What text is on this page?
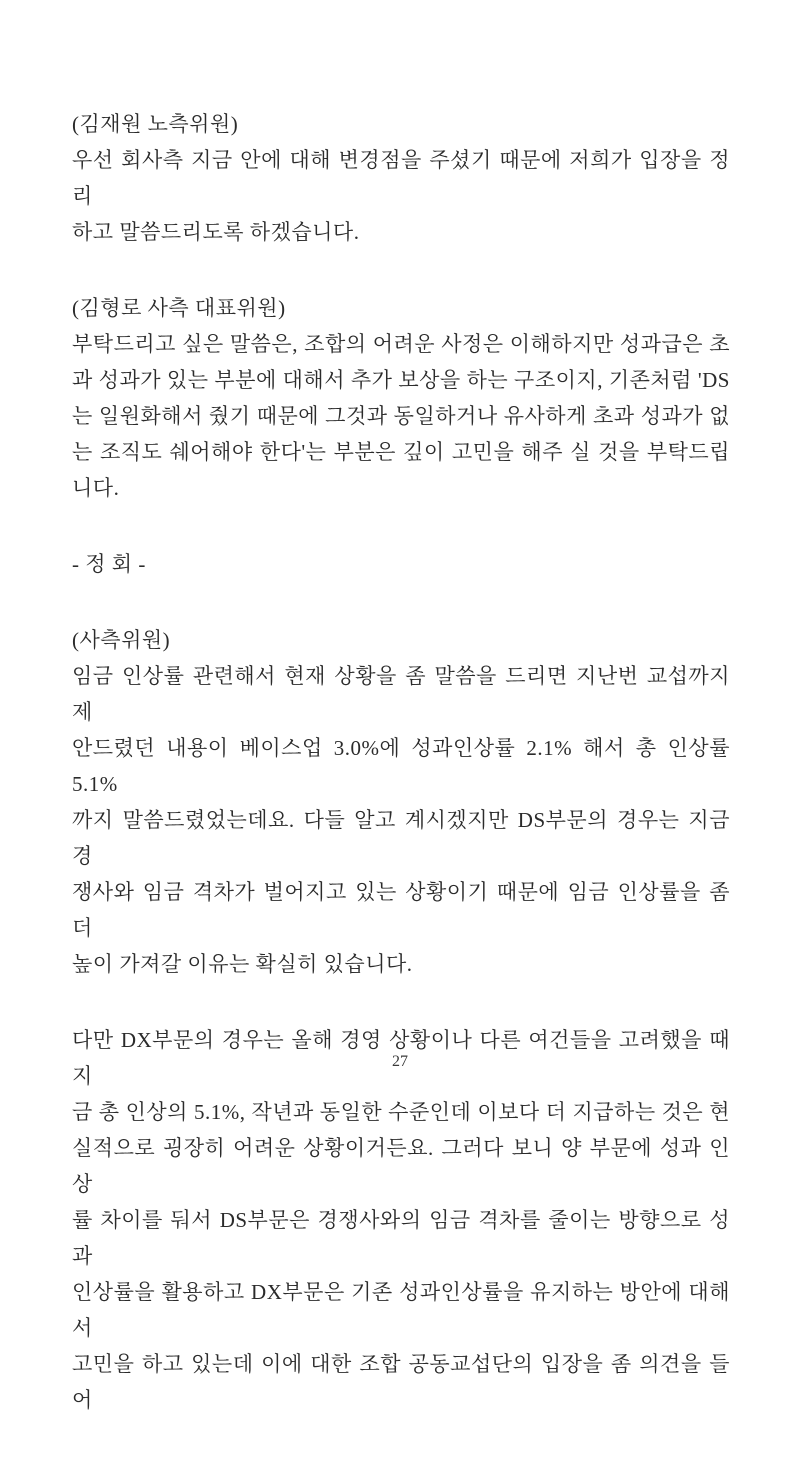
(김재원 노측위원)
우선 회사측 지금 안에 대해 변경점을 주셨기 때문에 저희가 입장을 정리
하고 말씀드리도록 하겠습니다.
(김형로 사측 대표위원)
부탁드리고 싶은 말씀은, 조합의 어려운 사정은 이해하지만 성과급은 초
과 성과가 있는 부분에 대해서 추가 보상을 하는 구조이지, 기존처럼 'DS
는 일원화해서 줬기 때문에 그것과 동일하거나 유사하게 초과 성과가 없
는 조직도 쉐어해야 한다'는 부분은 깊이 고민을 해주 실 것을 부탁드립
니다.
- 정 회 -
(사측위원)
임금 인상률 관련해서 현재 상황을 좀 말씀을 드리면 지난번 교섭까지 제
안드렸던 내용이 베이스업 3.0%에 성과인상률 2.1% 해서 총 인상률 5.1%
까지 말씀드렸었는데요. 다들 알고 계시겠지만 DS부문의 경우는 지금 경
쟁사와 임금 격차가 벌어지고 있는 상황이기 때문에 임금 인상률을 좀 더
높이 가져갈 이유는 확실히 있습니다.
다만 DX부문의 경우는 올해 경영 상황이나 다른 여건들을 고려했을 때 지
금 총 인상의 5.1%, 작년과 동일한 수준인데 이보다 더 지급하는 것은 현
실적으로 굉장히 어려운 상황이거든요. 그러다 보니 양 부문에 성과 인상
률 차이를 둬서 DS부문은 경쟁사와의 임금 격차를 줄이는 방향으로 성과
인상률을 활용하고 DX부문은 기존 성과인상률을 유지하는 방안에 대해서
고민을 하고 있는데 이에 대한 조합 공동교섭단의 입장을 좀 의견을 들어
27
